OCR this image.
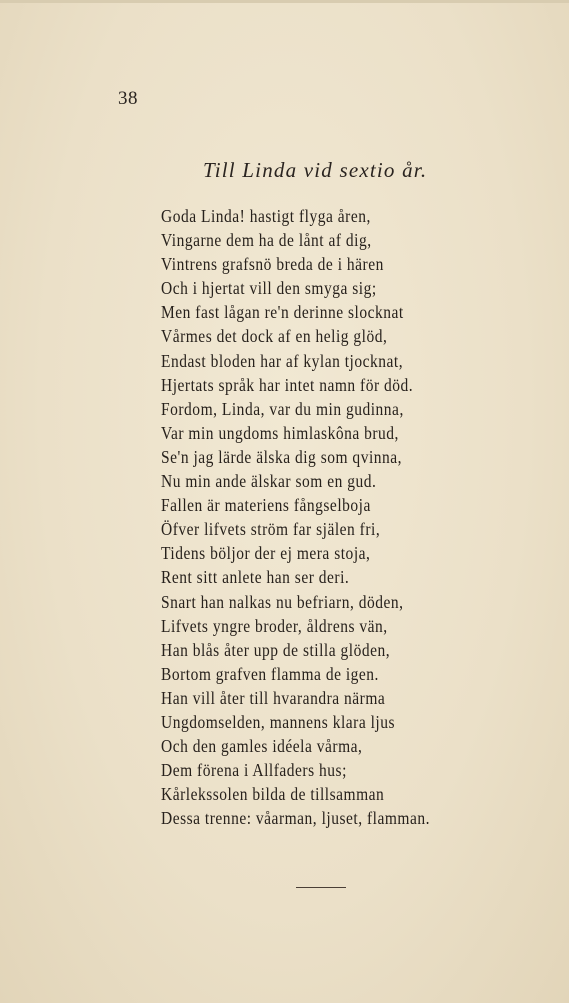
38
Till Linda vid sextio år.
Goda Linda! hastigt flyga åren,
Vingarne dem ha de lånt af dig,
Vintrens grafsnö breda de i hären
Och i hjertat vill den smyga sig;
Men fast lågan re'n derinne slocknat
Vårmes det dock af en helig glöd,
Endast bloden har af kylan tjocknat,
Hjertats språk har intet namn för död.
Fordom, Linda, var du min gudinna,
Var min ungdoms himlaskôna brud,
Se'n jag lärde älska dig som qvinna,
Nu min ande älskar som en gud.
Fallen är materiens fångselboja
Öfver lifvets ström far själen fri,
Tidens böljor der ej mera stoja,
Rent sitt anlete han ser deri.
Snart han nalkas nu befriarn, döden,
Lifvets yngre broder, åldrens vän,
Han blås åter upp de stilla glöden,
Bortom grafven flamma de igen.
Han vill åter till hvarandra närma
Ungdomselden, mannens klara ljus
Och den gamles idéela vårma,
Dem förena i Allfaders hus;
Kårlekssolen bilda de tillsamman
Dessa trenne: våarman, ljuset, flamman.
